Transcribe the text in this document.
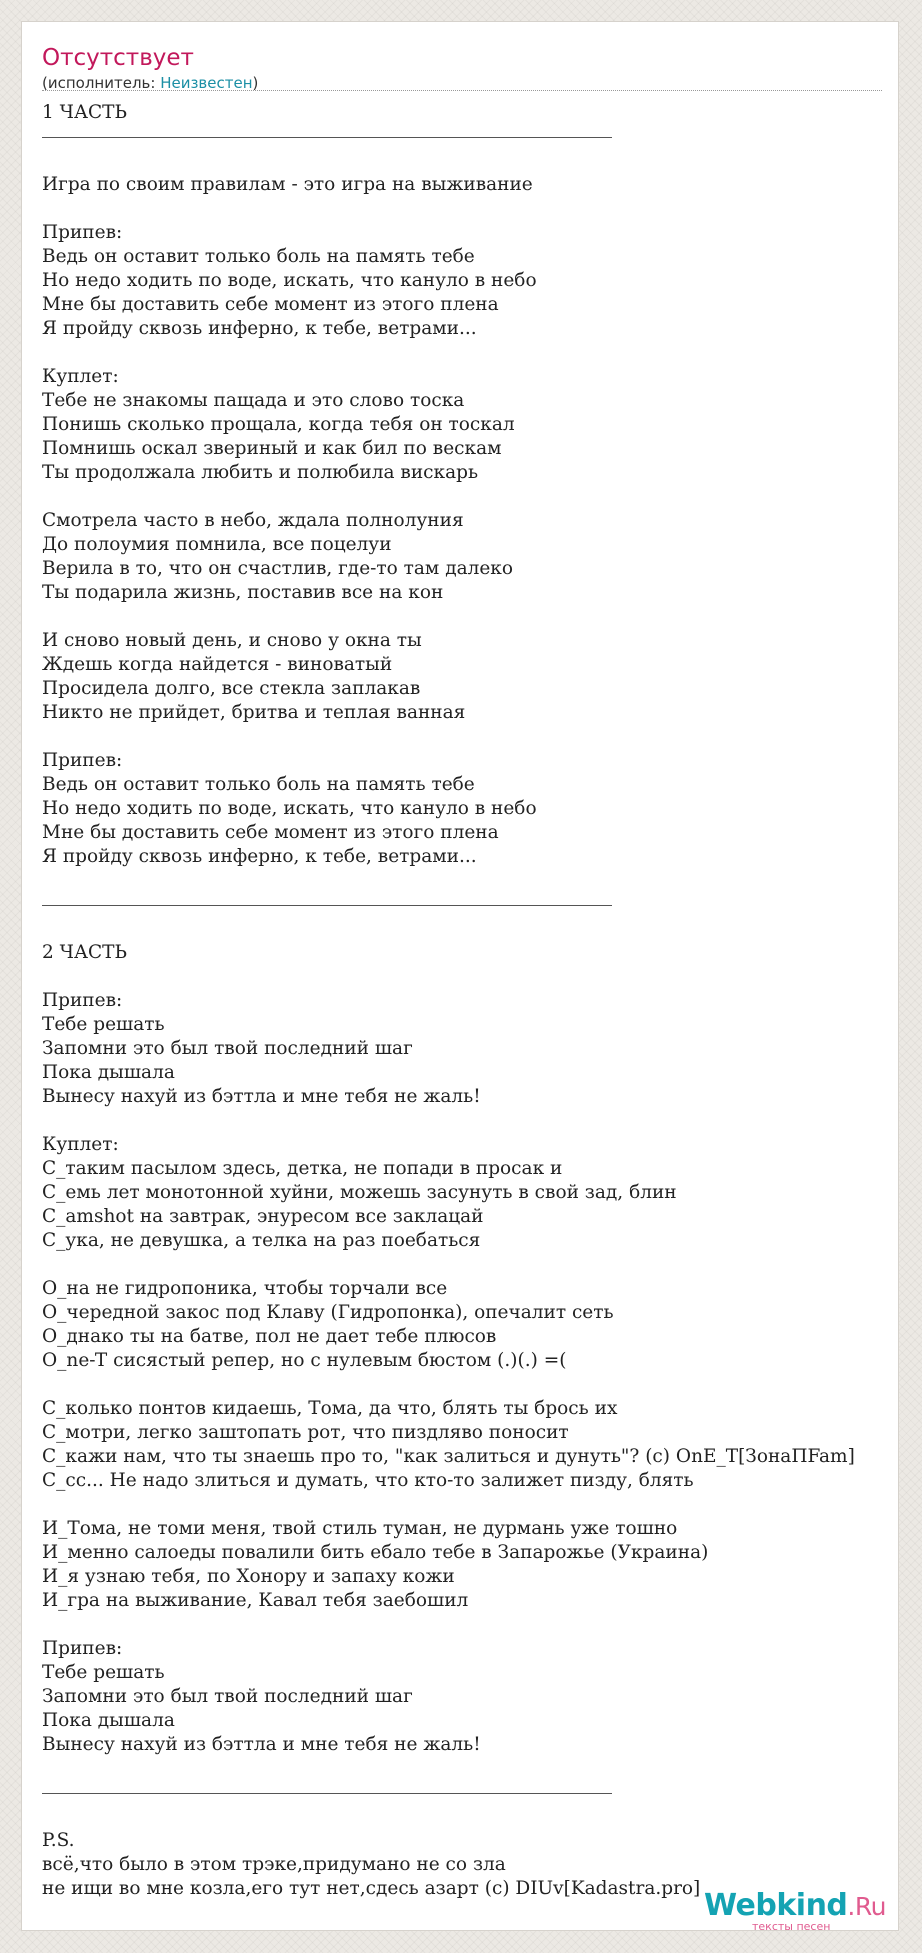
Отсутствует
(исполнитель: Неизвестен)
1 ЧАСТЬ
Игра по своим правилам - это игра на выживание
Припев:
Ведь он оставит только боль на память тебе
Но недо ходить по воде, искать, что кануло в небо
Мне бы доставить себе момент из этого плена
Я пройду сквозь инферно, к тебе, ветрами...
Куплет:
Тебе не знакомы пащада и это слово тоска
Понишь сколько прощала, когда тебя он тоскал
Помнишь оскал звериный и как бил по вескам
Ты продолжала любить и полюбила вискарь
Смотрела часто в небо, ждала полнолуния
До полоумия помнила, все поцелуи
Верила в то, что он счастлив, где-то там далеко
Ты подарила жизнь, поставив все на кон
И сново новый день, и сново у окна ты
Ждешь когда найдется - виноватый
Просидела долго, все стекла заплакав
Никто не прийдет, бритва и теплая ванная
Припев:
Ведь он оставит только боль на память тебе
Но недо ходить по воде, искать, что кануло в небо
Мне бы доставить себе момент из этого плена
Я пройду сквозь инферно, к тебе, ветрами...
2 ЧАСТЬ
Припев:
Тебе решать
Запомни это был твой последний шаг
Пока дышала
Вынесу нахуй из бэттла и мне тебя не жаль!
Куплет:
С_таким пасылом здесь, детка, не попади в просак и
С_емь лет монотонной хуйни, можешь засунуть в свой зад, блин
С_amshot на завтрак, энуресом все заклацай
С_ука, не девушка, а телка на раз поебаться
О_на не гидропоника, чтобы торчали все
О_чередной закос под Клаву (Гидропонка), опечалит сеть
О_днако ты на батве, пол не дает тебе плюсов
О_ne-T сисястый репер, но с нулевым бюстом (.)(.) =(
С_колько понтов кидаешь, Тома, да что, блять ты брось их
С_мотри, легко заштопать рот, что пиздляво поносит
С_кажи нам, что ты знаешь про то, "как залиться и дунуть"? (с) OnE_T[ЗонаПFam]
С_сс... Не надо злиться и думать, что кто-то залижет пизду, блять
И_Тома, не томи меня, твой стиль туман, не дурмань уже тошно
И_менно салоеды повалили бить ебало тебе в Запарожье (Украина)
И_я узнаю тебя, по Хонору и запаху кожи
И_гра на выживание, Кавал тебя заебошил
Припев:
Тебе решать
Запомни это был твой последний шаг
Пока дышала
Вынесу нахуй из бэттла и мне тебя не жаль!
P.S.
всё,что было в этом трэке,придумано не со зла
не ищи во мне козла,его тут нет,сдесь азарт (с) DIUv[Kadastra.pro] Webkind.Ru
тексты песен
